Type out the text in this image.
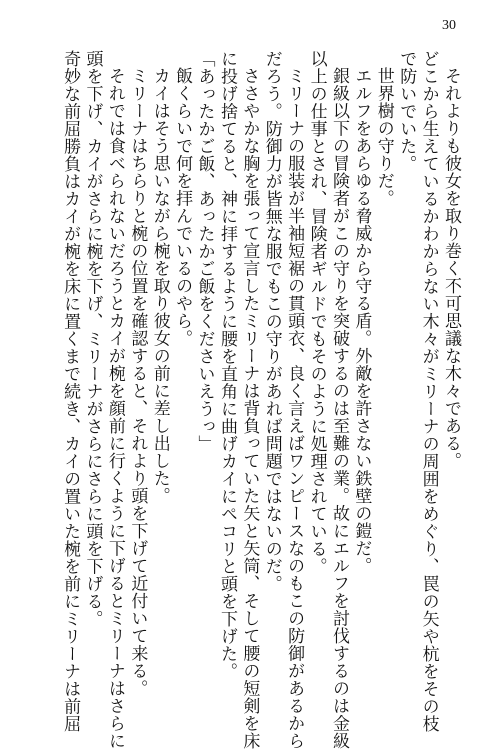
30
それよりも彼女を取り巻く不可思議な木々である。
どこから生えているかわからない木々がミリーナの周囲をめぐり、罠の矢や杭をその枝
で防いでいた。
世界樹の守りだ。
エルフをあらゆる脅威から守る盾。外敵を許さない鉄壁の鎧だ。
銀級以下の冒険者がこの守りを突破するのは至難の業。故にエルフを討伐するのは金級
以上の仕事とされ、冒険者ギルドでもそのように処理されている。
ミリーナの服装が半袖短裾の貫頭衣、良く言えばワンピースなのもこの防御があるから
だろう。防御力が皆無な服でもこの守りがあれば問題ではないのだ。
ささやかな胸を張って宣言したミリーナは背負っていた矢と矢筒、そして腰の短剣を床
に投げ捨てると、神に拝するように腰を直角に曲げカイにペコリと頭を下げた。
「あったかご飯、あったかご飯をくださいえうっ」
飯くらいで何を拝んでいるのやら。
カイはそう思いながら椀を取り彼女の前に差し出した。
ミリーナはちらりと椀の位置を確認すると、それより頭を下げて近付いて来る。
それでは食べられないだろうとカイが椀を顔前に行くように下げるとミリーナはさらに
頭を下げ、カイがさらに椀を下げ、ミリーナがさらにさらに頭を下げる。
奇妙な前屈勝負はカイが椀を床に置くまで続き、カイの置いた椀を前にミリーナは前屈
